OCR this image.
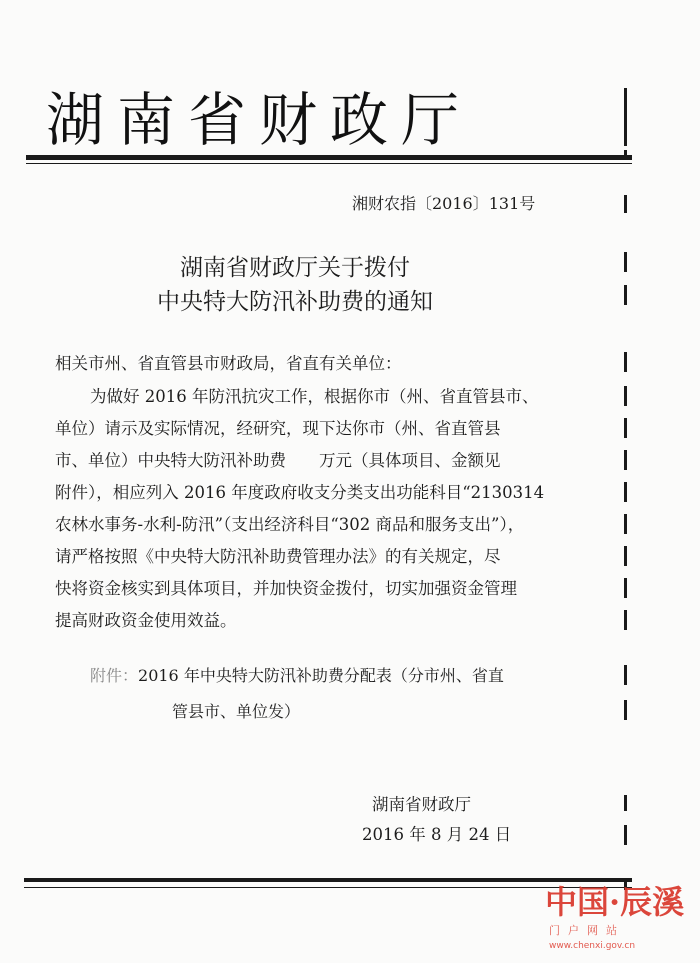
湖南省财政厅
湘财农指〔2016〕131号
湖南省财政厅关于拨付
中央特大防汛补助费的通知
相关市州、省直管县市财政局，省直有关单位：
为做好 2016 年防汛抗灾工作，根据你市（州、省直管县市、
单位）请示及实际情况，经研究，现下达你市（州、省直管县
市、单位）中央特大防汛补助费　　万元（具体项目、金额见
附件），相应列入 2016 年度政府收支分类支出功能科目“2130314
农林水事务-水利-防汛”（支出经济科目“302 商品和服务支出”），
请严格按照《中央特大防汛补助费管理办法》的有关规定，尽
快将资金核实到具体项目，并加快资金拨付，切实加强资金管理
提高财政资金使用效益。
附件：2016 年中央特大防汛补助费分配表（分市州、省直
管县市、单位发）
湖南省财政厅
2016 年 8 月 24 日
中国·辰溪
门户网站
www.chenxi.gov.cn
